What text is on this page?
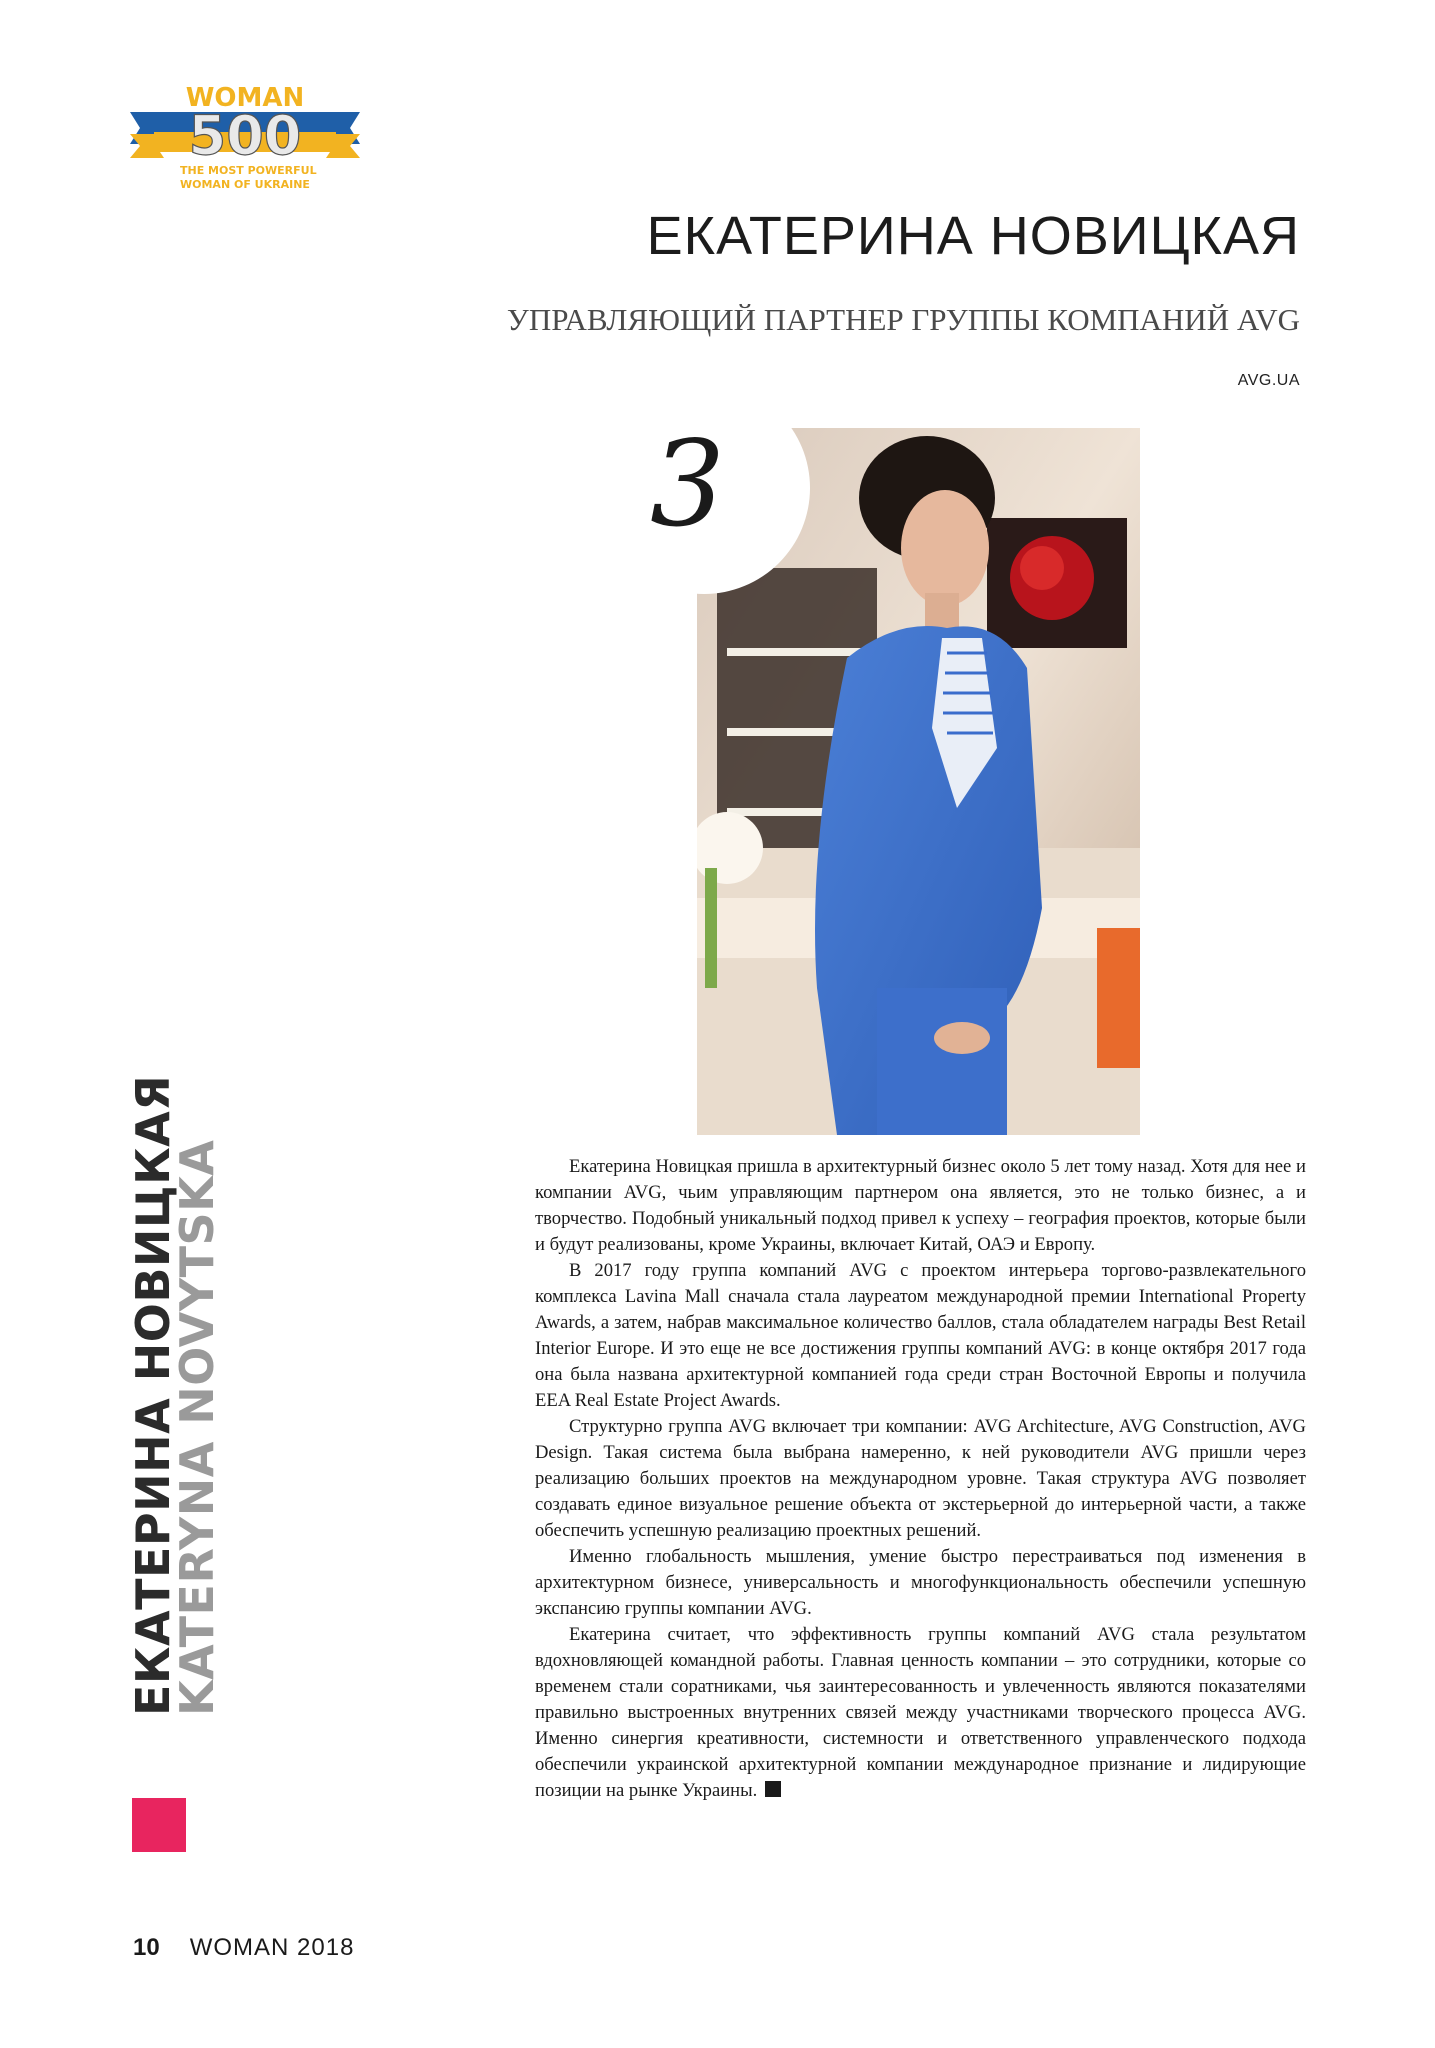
WOMAN
500
THE MOST POWERFUL
WOMAN OF UKRAINE
ЕКАТЕРИНА НОВИЦКАЯ
УПРАВЛЯЮЩИЙ ПАРТНЕР ГРУППЫ КОМПАНИЙ AVG
AVG.UA
3
ЕКАТЕРИНА НОВИЦКАЯ
KATERYNA NOVYTSKA	Екатерина Новицкая пришла в архитектурный бизнес около 5 лет тому назад. Хотя для нее и компании AVG, чьим управляющим партнером она является, это не только бизнес, а и творчество. Подобный уникальный подход привел к успеху – география проектов, которые были и будут реализованы, кроме Украины, включает Китай, ОАЭ и Европу.

В 2017 году группа компаний AVG с проектом интерьера торгово-развлекательного комплекса Lavina Mall сначала стала лауреатом международной премии International Property Awards, а затем, набрав максимальное количество баллов, стала обладателем награды Best Retail Interior Europe. И это еще не все достижения группы компаний AVG: в конце октября 2017 года она была названа архитектурной компанией года среди стран Восточной Европы и получила EEA Real Estate Project Awards.

Структурно группа AVG включает три компании: AVG Architecture, AVG Construction, AVG Design. Такая система была выбрана намеренно, к ней руководители AVG пришли через реализацию больших проектов на международном уровне. Такая структура AVG позволяет создавать единое визуальное решение объекта от экстерьерной до интерьерной части, а также обеспечить успешную реализацию проектных решений.

Именно глобальность мышления, умение быстро перестраиваться под изменения в архитектурном бизнесе, универсальность и многофункциональность обеспечили успешную экспансию группы компании AVG.

Екатерина считает, что эффективность группы компаний AVG стала результатом вдохновляющей командной работы. Главная ценность компании – это сотрудники, которые со временем стали соратниками, чья заинтересованность и увлеченность являются показателями правильно выстроенных внутренних связей между участниками творческого процесса AVG. Именно синергия креативности, системности и ответственного управленческого подхода обеспечили украинской архитектурной компании международное признание и лидирующие позиции на рынке Украины.

10 WOMAN 2018
